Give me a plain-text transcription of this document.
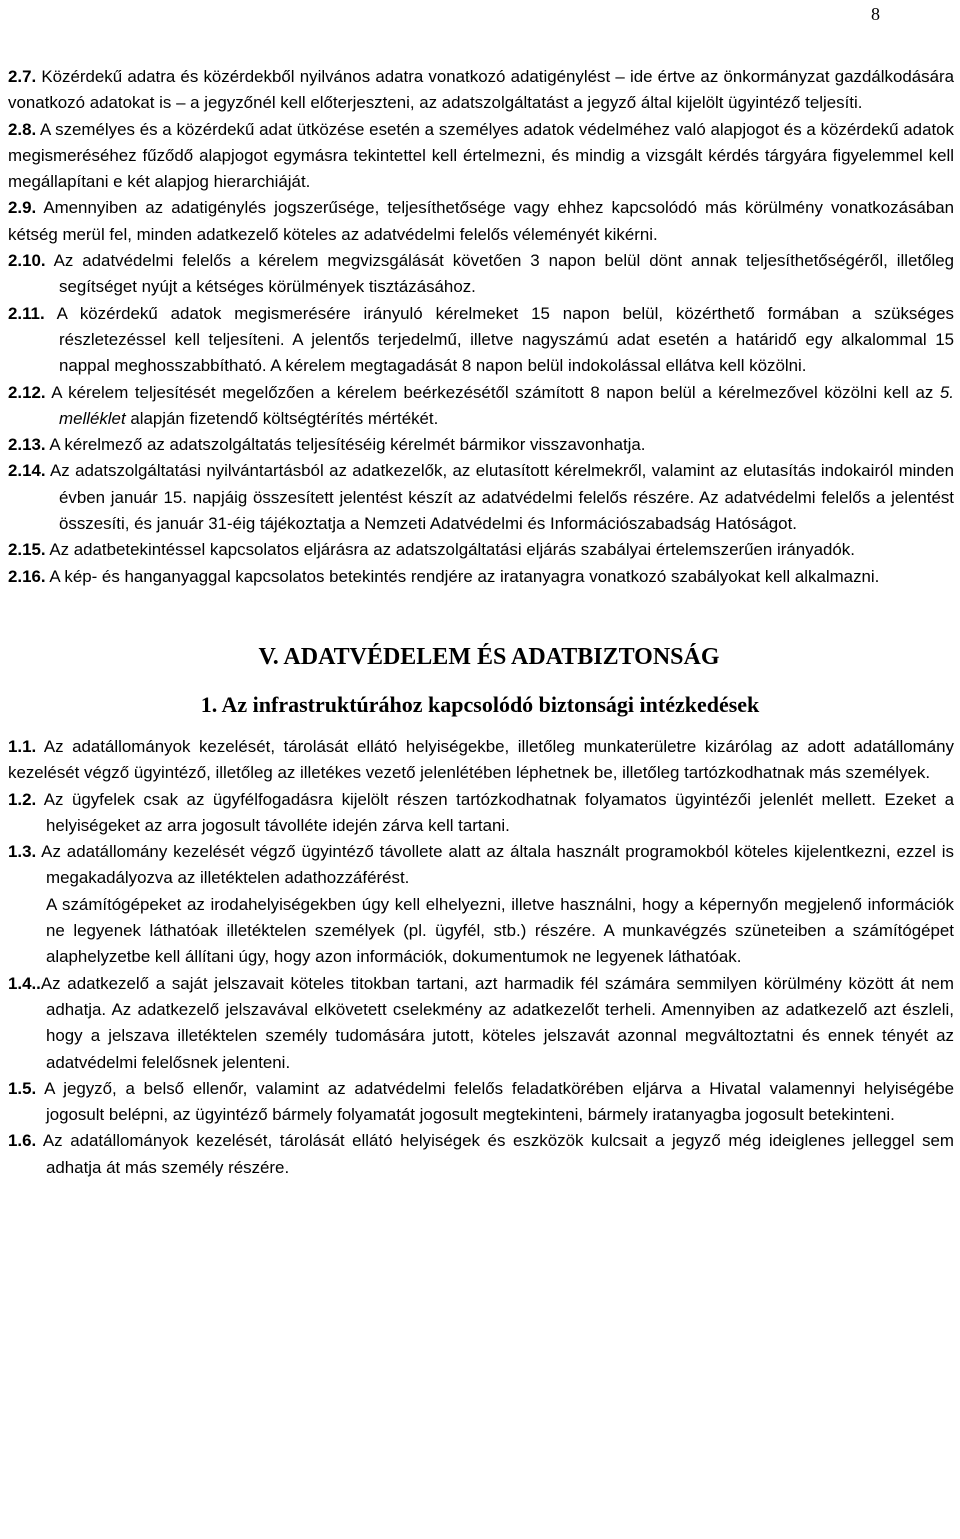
8

2.7. Közérdekű adatra és közérdekből nyilvános adatra vonatkozó adatigénylést – ide értve az önkormányzat gazdálkodására vonatkozó adatokat is – a jegyzőnél kell előterjeszteni, az adatszolgáltatást a jegyző által kijelölt ügyintéző teljesíti.

2.8. A személyes és a közérdekű adat ütközése esetén a személyes adatok védelméhez való alapjogot és a közérdekű adatok megismeréséhez fűződő alapjogot egymásra tekintettel kell értelmezni, és mindig a vizsgált kérdés tárgyára figyelemmel kell megállapítani e két alapjog hierarchiáját.

2.9. Amennyiben az adatigénylés jogszerűsége, teljesíthetősége vagy ehhez kapcsolódó más körülmény vonatkozásában kétség merül fel, minden adatkezelő köteles az adatvédelmi felelős véleményét kikérni.

2.10. Az adatvédelmi felelős a kérelem megvizsgálását követően 3 napon belül dönt annak teljesíthetőségéről, illetőleg segítséget nyújt a kétséges körülmények tisztázásához.

2.11. A közérdekű adatok megismerésére irányuló kérelmeket 15 napon belül, közérthető formában a szükséges részletezéssel kell teljesíteni. A jelentős terjedelmű, illetve nagyszámú adat esetén a határidő egy alkalommal 15 nappal meghosszabbítható. A kérelem megtagadását 8 napon belül indokolással ellátva kell közölni.

2.12. A kérelem teljesítését megelőzően a kérelem beérkezésétől számított 8 napon belül a kérelmezővel közölni kell az 5. melléklet alapján fizetendő költségtérítés mértékét.

2.13. A kérelmező az adatszolgáltatás teljesítéséig kérelmét bármikor visszavonhatja.

2.14. Az adatszolgáltatási nyilvántartásból az adatkezelők, az elutasított kérelmekről, valamint az elutasítás indokairól minden évben január 15. napjáig összesített jelentést készít az adatvédelmi felelős részére. Az adatvédelmi felelős a jelentést összesíti, és január 31-éig tájékoztatja a Nemzeti Adatvédelmi és Információszabadság Hatóságot.

2.15. Az adatbetekintéssel kapcsolatos eljárásra az adatszolgáltatási eljárás szabályai értelemszerűen irányadók.

2.16. A kép- és hanganyaggal kapcsolatos betekintés rendjére az iratanyagra vonatkozó szabályokat kell alkalmazni.

V. ADATVÉDELEM ÉS ADATBIZTONSÁG
1. Az infrastruktúrához kapcsolódó biztonsági intézkedések

1.1. Az adatállományok kezelését, tárolását ellátó helyiségekbe, illetőleg munkaterületre kizárólag az adott adatállomány kezelését végző ügyintéző, illetőleg az illetékes vezető jelenlétében léphetnek be, illetőleg tartózkodhatnak más személyek.

1.2. Az ügyfelek csak az ügyfélfogadásra kijelölt részen tartózkodhatnak folyamatos ügyintézői jelenlét mellett. Ezeket a helyiségeket az arra jogosult távolléte idején zárva kell tartani.

1.3. Az adatállomány kezelését végző ügyintéző távollete alatt az általa használt programokból köteles kijelentkezni, ezzel is megakadályozva az illetéktelen adathozzáférést.

A számítógépeket az irodahelyiségekben úgy kell elhelyezni, illetve használni, hogy a képernyőn megjelenő információk ne legyenek láthatóak illetéktelen személyek (pl. ügyfél, stb.) részére. A munkavégzés szüneteiben a számítógépet alaphelyzetbe kell állítani úgy, hogy azon információk, dokumentumok ne legyenek láthatóak.

1.4..Az adatkezelő a saját jelszavait köteles titokban tartani, azt harmadik fél számára semmilyen körülmény között át nem adhatja. Az adatkezelő jelszavával elkövetett cselekmény az adatkezelőt terheli. Amennyiben az adatkezelő azt észleli, hogy a jelszava illetéktelen személy tudomására jutott, köteles jelszavát azonnal megváltoztatni és ennek tényét az adatvédelmi felelősnek jelenteni.

1.5. A jegyző, a belső ellenőr, valamint az adatvédelmi felelős feladatkörében eljárva a Hivatal valamennyi helyiségébe jogosult belépni, az ügyintéző bármely folyamatát jogosult megtekinteni, bármely iratanyagba jogosult betekinteni.

1.6. Az adatállományok kezelését, tárolását ellátó helyiségek és eszközök kulcsait a jegyző még ideiglenes jelleggel sem adhatja át más személy részére.
